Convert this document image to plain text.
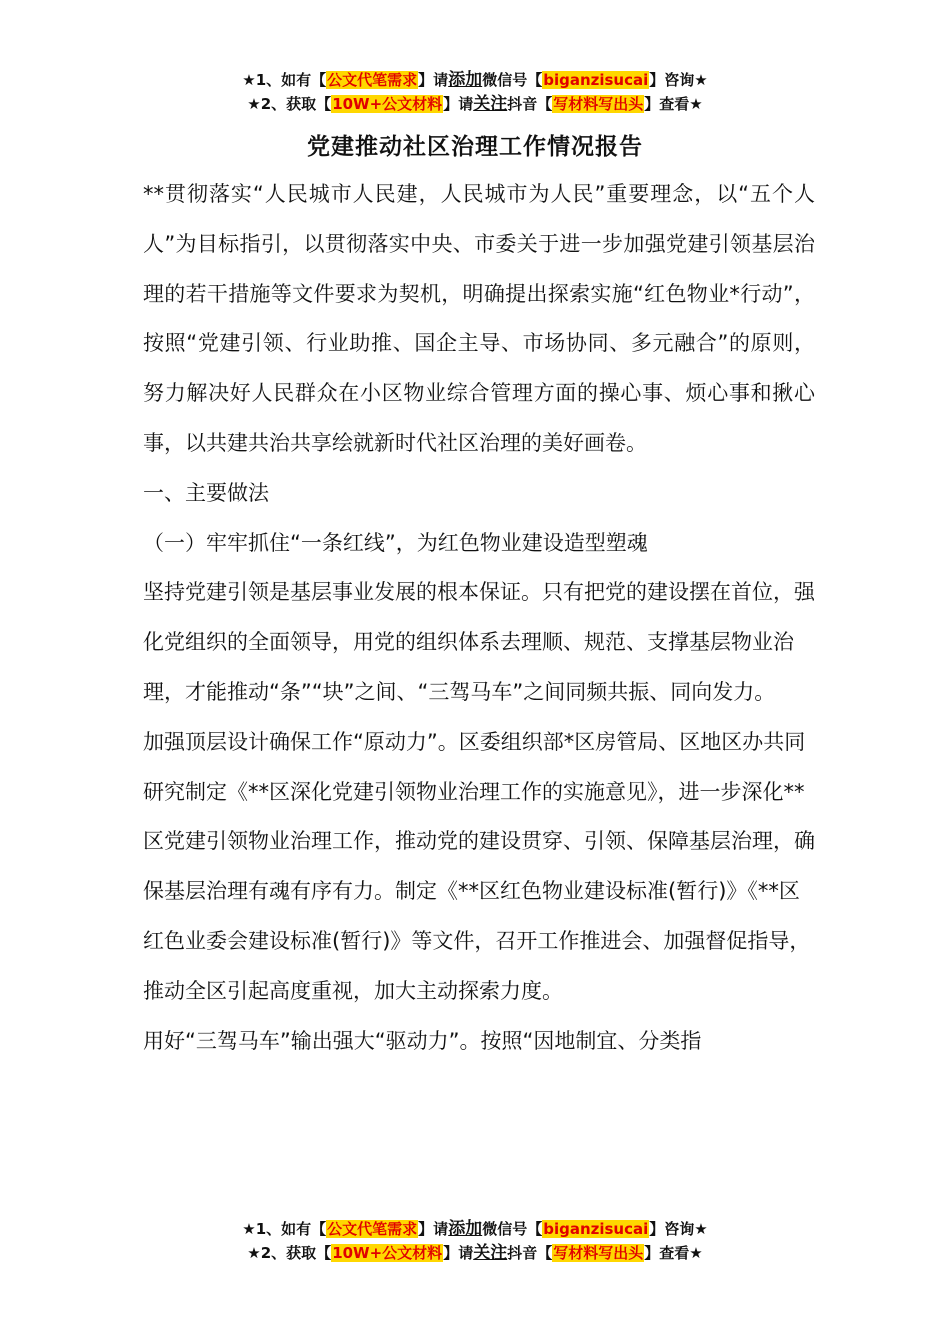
★1、如有【公文代笔需求】请添加微信号【biganzisucai】咨询★
★2、获取【10W+公文材料】请关注抖音【写材料写出头】查看★
党建推动社区治理工作情况报告

**贯彻落实“人民城市人民建，人民城市为人民”重要理念，以“五个人人”为目标指引，以贯彻落实中央、市委关于进一步加强党建引领基层治理的若干措施等文件要求为契机，明确提出探索实施“红色物业*行动”，按照“党建引领、行业助推、国企主导、市场协同、多元融合”的原则，努力解决好人民群众在小区物业综合管理方面的操心事、烦心事和揪心事，以共建共治共享绘就新时代社区治理的美好画卷。

一、主要做法

（一）牢牢抓住“一条红线”，为红色物业建设造型塑魂

坚持党建引领是基层事业发展的根本保证。只有把党的建设摆在首位，强化党组织的全面领导，用党的组织体系去理顺、规范、支撑基层物业治理，才能推动“条”“块”之间、“三驾马车”之间同频共振、同向发力。

加强顶层设计确保工作“原动力”。区委组织部*区房管局、区地区办共同研究制定《**区深化党建引领物业治理工作的实施意见》，进一步深化**区党建引领物业治理工作，推动党的建设贯穿、引领、保障基层治理，确保基层治理有魂有序有力。制定《**区红色物业建设标准(暂行)》《**区红色业委会建设标准(暂行)》等文件，召开工作推进会、加强督促指导，推动全区引起高度重视，加大主动探索力度。

用好“三驾马车”输出强大“驱动力”。按照“因地制宜、分类指

★1、如有【公文代笔需求】请添加微信号【biganzisucai】咨询★
★2、获取【10W+公文材料】请关注抖音【写材料写出头】查看★
